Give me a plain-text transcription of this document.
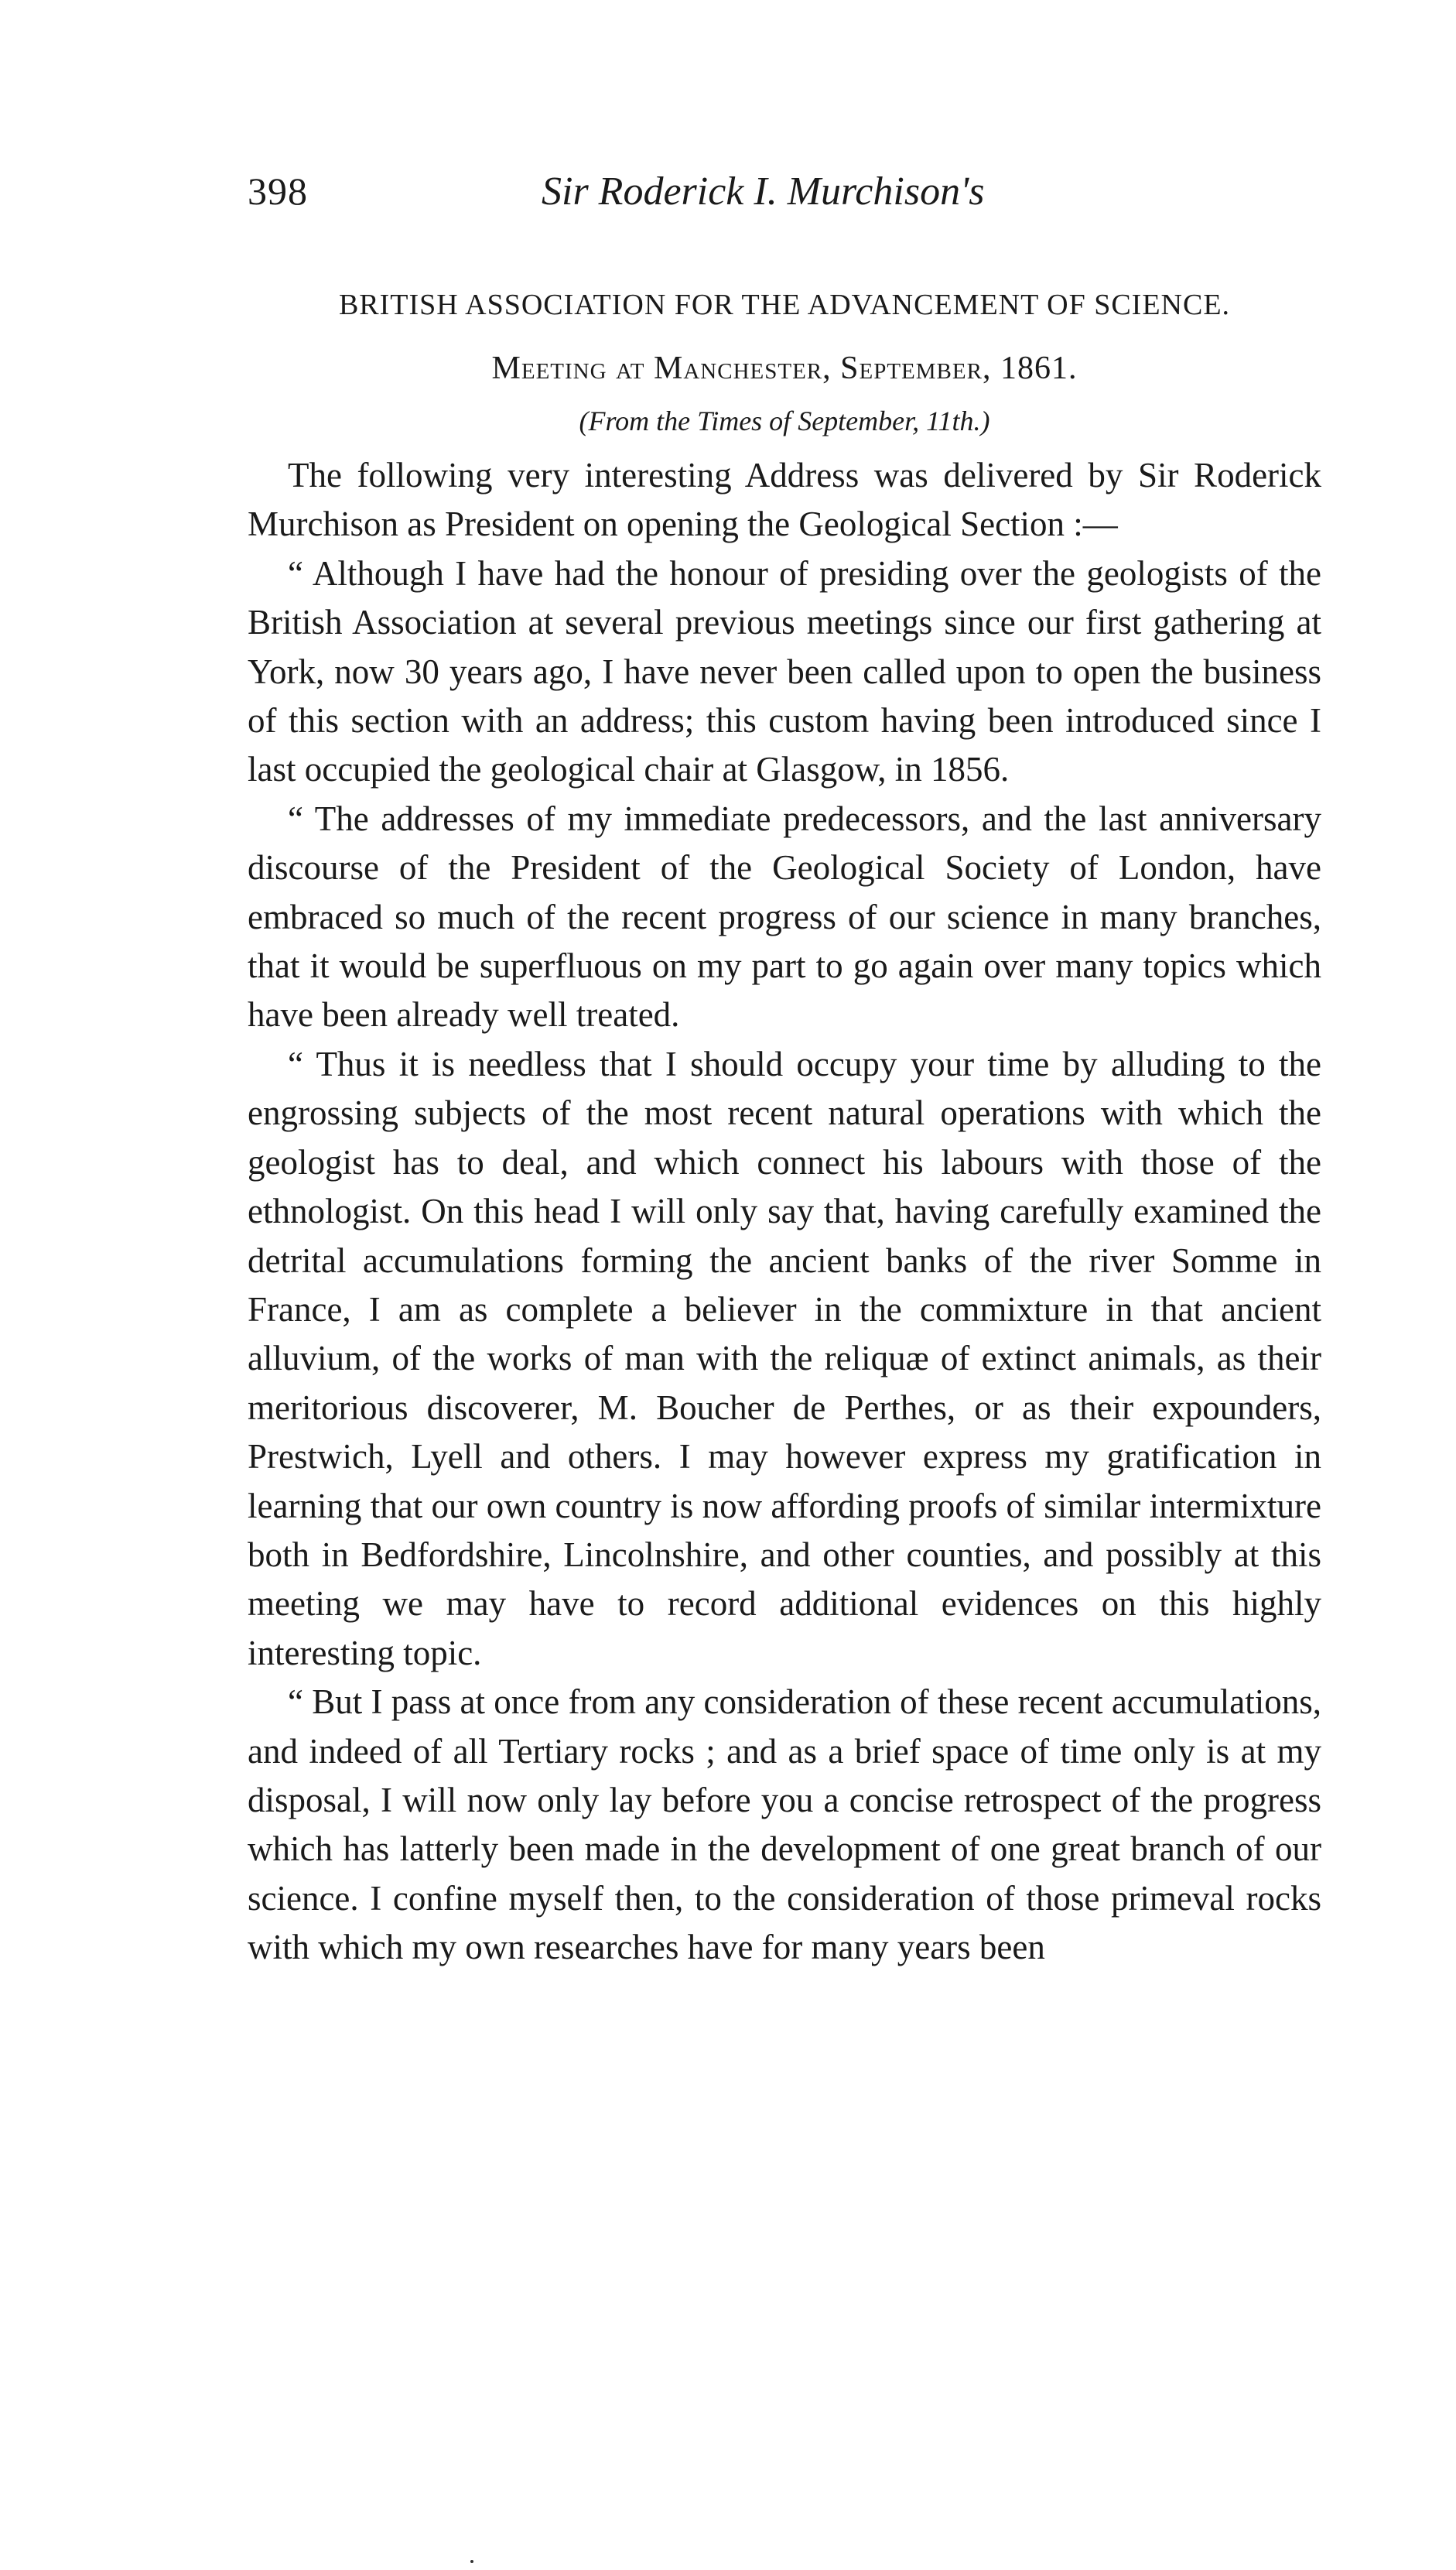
398	Sir Roderick I. Murchison's
BRITISH ASSOCIATION FOR THE ADVANCEMENT OF SCIENCE.
Meeting at Manchester, September, 1861.
(From the Times of September, 11th.)

The following very interesting Address was delivered by Sir Roderick Murchison as President on opening the Geological Section :—

“ Although I have had the honour of presiding over the geologists of the British Association at several previous meetings since our first gathering at York, now 30 years ago, I have never been called upon to open the business of this section with an address; this custom having been introduced since I last occupied the geological chair at Glasgow, in 1856.

“ The addresses of my immediate predecessors, and the last anniversary discourse of the President of the Geological Society of London, have embraced so much of the recent progress of our science in many branches, that it would be superfluous on my part to go again over many topics which have been already well treated.

“ Thus it is needless that I should occupy your time by alluding to the engrossing subjects of the most recent natural operations with which the geologist has to deal, and which connect his labours with those of the ethnologist. On this head I will only say that, having carefully examined the detrital accumulations forming the ancient banks of the river Somme in France, I am as complete a believer in the commixture in that ancient alluvium, of the works of man with the reliquæ of extinct animals, as their meritorious discoverer, M. Boucher de Perthes, or as their expounders, Prestwich, Lyell and others. I may however express my gratification in learning that our own country is now affording proofs of similar intermixture both in Bedfordshire, Lincolnshire, and other counties, and possibly at this meeting we may have to record additional evidences on this highly interesting topic.

“ But I pass at once from any consideration of these recent accumulations, and indeed of all Tertiary rocks ; and as a brief space of time only is at my disposal, I will now only lay before you a concise retrospect of the progress which has latterly been made in the development of one great branch of our science. I confine myself then, to the consideration of those primeval rocks with which my own researches have for many years been
